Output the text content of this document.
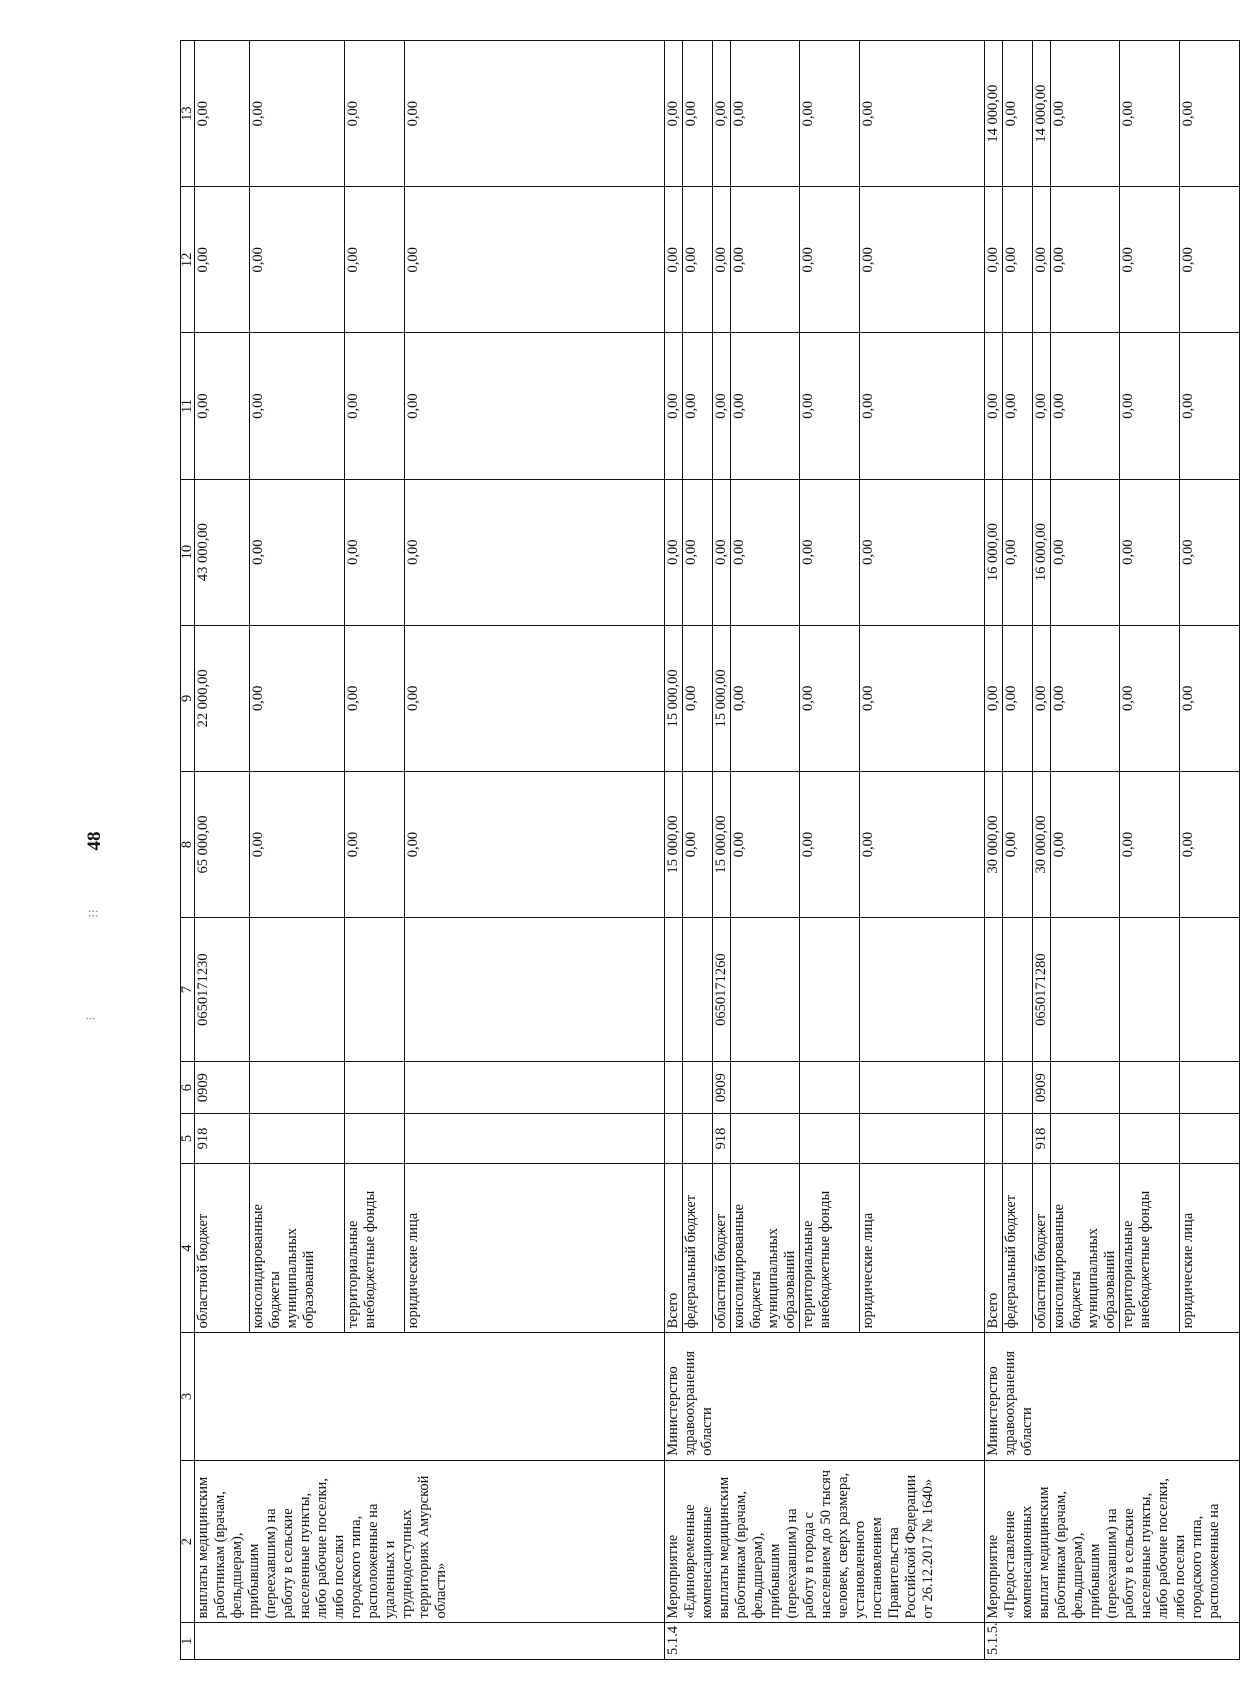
48
⁝⁝
⁝
1	2	3	4	5	6	7	8	9	10	11	12	13
	выплаты медицинским работникам (врачам, фельдшерам), прибывшим (переехавшим) на работу в сельские населенные пункты, либо рабочие поселки, либо поселки городского типа, расположенные на удаленных и труднодоступных территориях Амурской области»		областной бюджет	918	0909	0650171230	65 000,00	22 000,00	43 000,00	0,00	0,00	0,00
			консолидированные бюджеты муниципальных образований				0,00	0,00	0,00	0,00	0,00	0,00
			территориальные внебюджетные фонды				0,00	0,00	0,00	0,00	0,00	0,00
			юридические лица				0,00	0,00	0,00	0,00	0,00	0,00
5.1.4	Мероприятие «Единовременные компенсационные выплаты медицинским работникам (врачам, фельдшерам), прибывшим (переехавшим) на работу в города с населением до 50 тысяч человек, сверх размера, установленного постановлением Правительства Российской Федерации от 26.12.2017 № 1640»	Министерство здравоохранения области	Всего				15 000,00	15 000,00	0,00	0,00	0,00	0,00
			федеральный бюджет				0,00	0,00	0,00	0,00	0,00	0,00
			областной бюджет	918	0909	0650171260	15 000,00	15 000,00	0,00	0,00	0,00	0,00
			консолидированные бюджеты муниципальных образований				0,00	0,00	0,00	0,00	0,00	0,00
			территориальные внебюджетные фонды				0,00	0,00	0,00	0,00	0,00	0,00
			юридические лица				0,00	0,00	0,00	0,00	0,00	0,00
5.1.5.	Мероприятие «Предоставление компенсационных выплат медицинским работникам (врачам, фельдшерам), прибывшим (переехавшим) на работу в сельские населенные пункты, либо рабочие поселки, либо поселки городского типа, расположенные на	Министерство здравоохранения области	Всего				30 000,00	0,00	16 000,00	0,00	0,00	14 000,00
			федеральный бюджет				0,00	0,00	0,00	0,00	0,00	0,00
			областной бюджет	918	0909	0650171280	30 000,00	0,00	16 000,00	0,00	0,00	14 000,00
			консолидированные бюджеты муниципальных образований				0,00	0,00	0,00	0,00	0,00	0,00
			территориальные внебюджетные фонды				0,00	0,00	0,00	0,00	0,00	0,00
			юридические лица				0,00	0,00	0,00	0,00	0,00	0,00
